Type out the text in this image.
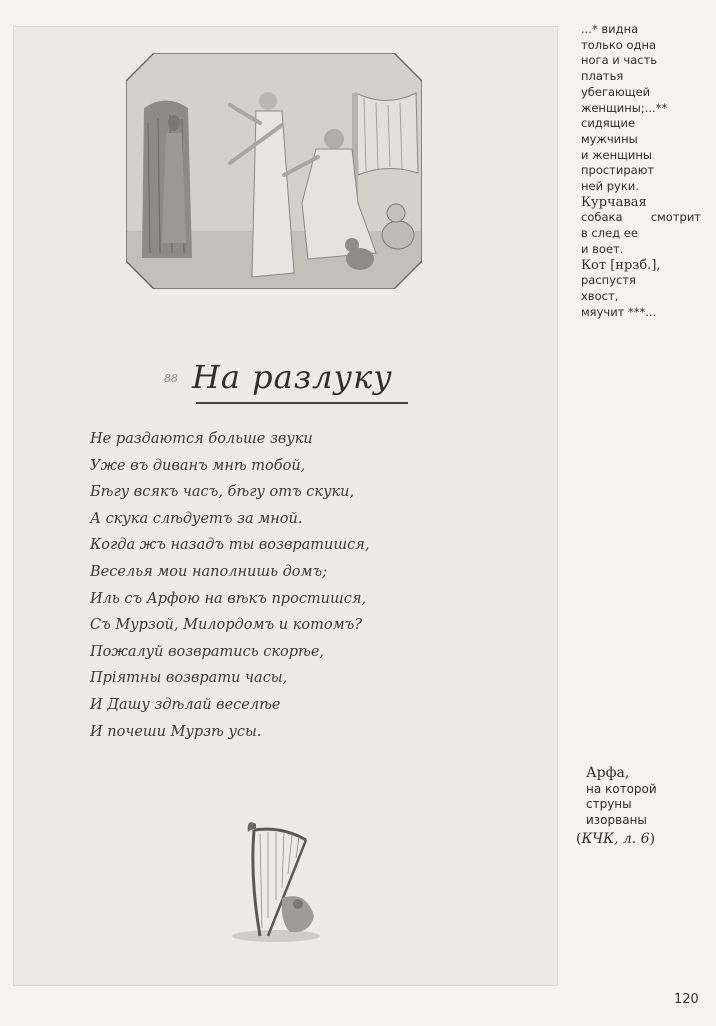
88 На разлуку
Не раздаются больше звуки
Уже въ диванъ мнѣ тобой,
Бѣгу всякъ часъ, бѣгу отъ скуки,
А скука слѣдуетъ за мной.
Когда жъ назадъ ты возвратишся,
Веселья мои наполнишь домъ;
Иль съ Арфою на вѣкъ простишся,
Съ Мурзой, Милордомъ и котомъ?
Пожалуй возвратись скорѣе,
Пріятны возврати часы,
И Дашу здѣлай веселѣе
И почеши Мурзѣ усы.
...* видна
только одна
нога и часть
платья
убегающей
женщины;...**
сидящие
мужчины
и женщины
простирают
ней руки.
Курчавая
собака смотрит
в след ее
и воет.
Кот [нрзб.],
распустя
хвост,
мяучит ***...
Арфа,
на которой
струны
изорваны
(КЧК, л. 6)
120
